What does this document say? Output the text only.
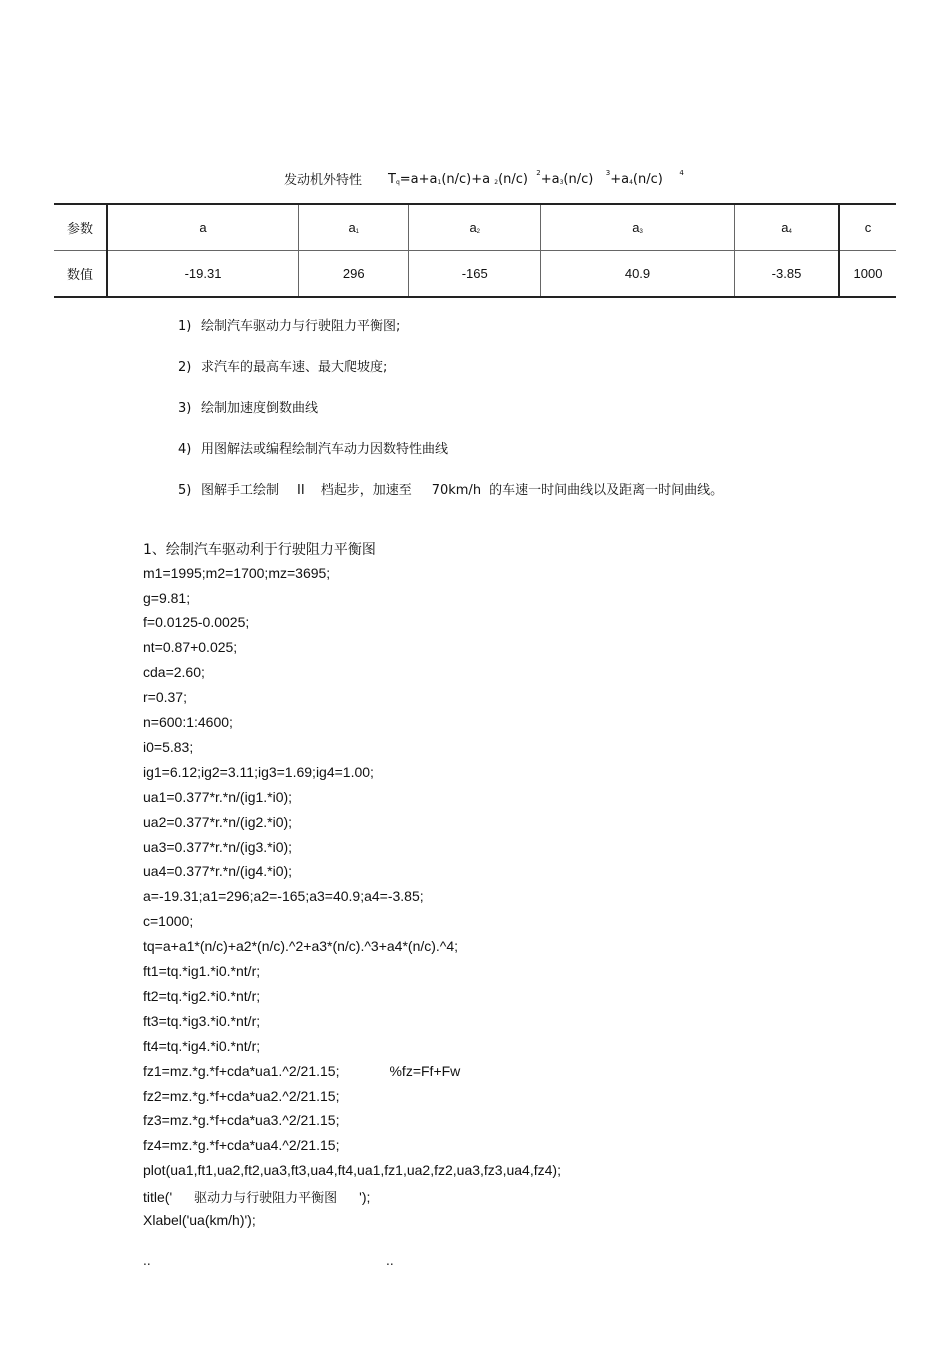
发动机外特性 $T_q=a+a_1(n/c)+a$ $_2$(n/c) $^2+a_3(n/c)$ $^3+a_4(n/c)$ $^4$
参数	a	$a_1$	$a_2$	$a_3$	$a_4$	c
数值	-19.31	296	-165	40.9	-3.85	1000
1) 绘制汽车驱动力与行驶阻力平衡图;
2) 求汽车的最高车速、最大爬坡度;
3) 绘制加速度倒数曲线
4) 用图解法或编程绘制汽车动力因数特性曲线
5) 图解手工绘制 II 档起步，加速至 70km/h 的车速一时间曲线以及距离一时间曲线。
1、绘制汽车驱动利于行驶阻力平衡图
m1=1995;m2=1700;mz=3695;
g=9.81;
f=0.0125-0.0025;
nt=0.87+0.025;
cda=2.60;
r=0.37;
n=600:1:4600;
i0=5.83;
ig1=6.12;ig2=3.11;ig3=1.69;ig4=1.00;
ua1=0.377*r.*n/(ig1.*i0);
ua2=0.377*r.*n/(ig2.*i0);
ua3=0.377*r.*n/(ig3.*i0);
ua4=0.377*r.*n/(ig4.*i0);
a=-19.31;a1=296;a2=-165;a3=40.9;a4=-3.85;
c=1000;
tq=a+a1*(n/c)+a2*(n/c).^2+a3*(n/c).^3+a4*(n/c).^4;
ft1=tq.*ig1.*i0.*nt/r;
ft2=tq.*ig2.*i0.*nt/r;
ft3=tq.*ig3.*i0.*nt/r;
ft4=tq.*ig4.*i0.*nt/r;
fz1=mz.*g.*f+cda*ua1.^2/21.15;	%fz=Ff+Fw
fz2=mz.*g.*f+cda*ua2.^2/21.15;
fz3=mz.*g.*f+cda*ua3.^2/21.15;
fz4=mz.*g.*f+cda*ua4.^2/21.15;
plot(ua1,ft1,ua2,ft2,ua3,ft3,ua4,ft4,ua1,fz1,ua2,fz2,ua3,fz3,ua4,fz4);
title(' 驱动力与行驶阻力平衡图 ');
Xlabel('ua(km/h)');
..	..
